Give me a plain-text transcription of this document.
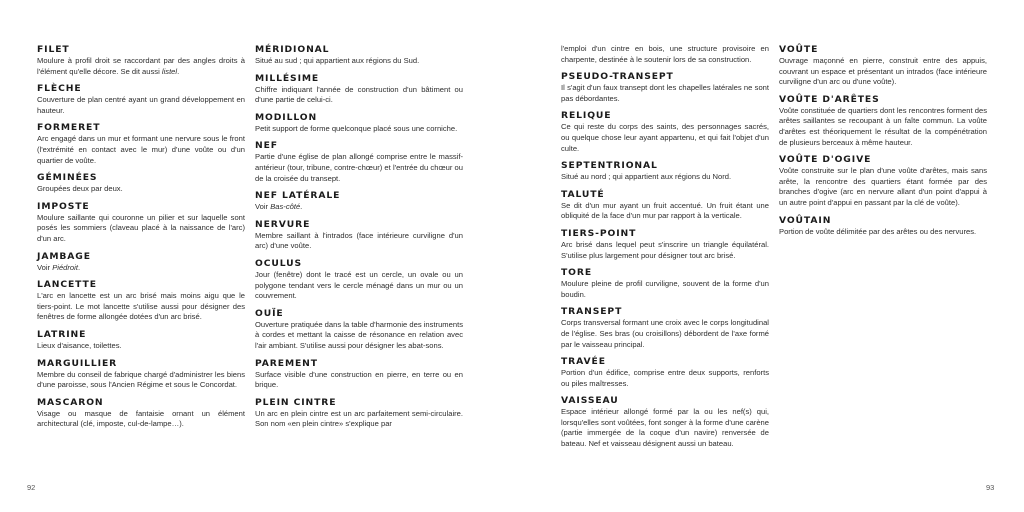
FILET
Moulure à profil droit se raccordant par des angles droits à l'élément qu'elle décore. Se dit aussi listel.
FLÈCHE
Couverture de plan centré ayant un grand développement en hauteur.
FORMERET
Arc engagé dans un mur et formant une nervure sous le front (l'extrémité en contact avec le mur) d'une voûte ou d'un quartier de voûte.
GÉMINÉES
Groupées deux par deux.
IMPOSTE
Moulure saillante qui couronne un pilier et sur laquelle sont posés les sommiers (claveau placé à la naissance de l'arc) d'un arc.
JAMBAGE
Voir Piédroit.
LANCETTE
L'arc en lancette est un arc brisé mais moins aigu que le tiers-point. Le mot lancette s'utilise aussi pour désigner des fenêtres de forme allongée dotées d'un arc brisé.
LATRINE
Lieux d'aisance, toilettes.
MARGUILLIER
Membre du conseil de fabrique chargé d'administrer les biens d'une paroisse, sous l'Ancien Régime et sous le Concordat.
MASCARON
Visage ou masque de fantaisie ornant un élément architectural (clé, imposte, cul-de-lampe…).
MÉRIDIONAL
Situé au sud ; qui appartient aux régions du Sud.
MILLÉSIME
Chiffre indiquant l'année de construction d'un bâtiment ou d'une partie de celui-ci.
MODILLON
Petit support de forme quelconque placé sous une corniche.
NEF
Partie d'une église de plan allongé comprise entre le massif-antérieur (tour, tribune, contre-chœur) et l'entrée du chœur ou de la croisée du transept.
NEF LATÉRALE
Voir Bas-côté.
NERVURE
Membre saillant à l'intrados (face intérieure curviligne d'un arc) d'une voûte.
OCULUS
Jour (fenêtre) dont le tracé est un cercle, un ovale ou un polygone tendant vers le cercle ménagé dans un mur ou un couvrement.
OUÏE
Ouverture pratiquée dans la table d'harmonie des instruments à cordes et mettant la caisse de résonance en relation avec l'air ambiant. S'utilise aussi pour désigner les abat-sons.
PAREMENT
Surface visible d'une construction en pierre, en terre ou en brique.
PLEIN CINTRE
Un arc en plein cintre est un arc parfaitement semi-circulaire. Son nom «en plein cintre» s'explique par
l'emploi d'un cintre en bois, une structure provisoire en charpente, destinée à le soutenir lors de sa construction.
PSEUDO-TRANSEPT
Il s'agit d'un faux transept dont les chapelles latérales ne sont pas débordantes.
RELIQUE
Ce qui reste du corps des saints, des personnages sacrés, ou quelque chose leur ayant appartenu, et qui fait l'objet d'un culte.
SEPTENTRIONAL
Situé au nord ; qui appartient aux régions du Nord.
TALUTÉ
Se dit d'un mur ayant un fruit accentué. Un fruit étant une obliquité de la face d'un mur par rapport à la verticale.
TIERS-POINT
Arc brisé dans lequel peut s'inscrire un triangle équilatéral. S'utilise plus largement pour désigner tout arc brisé.
TORE
Moulure pleine de profil curviligne, souvent de la forme d'un boudin.
TRANSEPT
Corps transversal formant une croix avec le corps longitudinal de l'église. Ses bras (ou croisillons) débordent de l'axe formé par le vaisseau principal.
TRAVÉE
Portion d'un édifice, comprise entre deux supports, renforts ou piles maîtresses.
VAISSEAU
Espace intérieur allongé formé par la ou les nef(s) qui, lorsqu'elles sont voûtées, font songer à la forme d'une carène (partie immergée de la coque d'un navire) renversée de bateau. Nef et vaisseau désignent aussi un bateau.
VOÛTE
Ouvrage maçonné en pierre, construit entre des appuis, couvrant un espace et présentant un intrados (face intérieure curviligne d'un arc ou d'une voûte).
VOÛTE D'ARÊTES
Voûte constituée de quartiers dont les rencontres forment des arêtes saillantes se recoupant à un faîte commun. La voûte d'arêtes est théoriquement le résultat de la compénétration de plusieurs berceaux à même hauteur.
VOÛTE D'OGIVE
Voûte construite sur le plan d'une voûte d'arêtes, mais sans arête, la rencontre des quartiers étant formée par des branches d'ogive (arc en nervure allant d'un point d'appui à un autre point d'appui en passant par la clé de voûte).
VOÛTAIN
Portion de voûte délimitée par des arêtes ou des nervures.
92	93
